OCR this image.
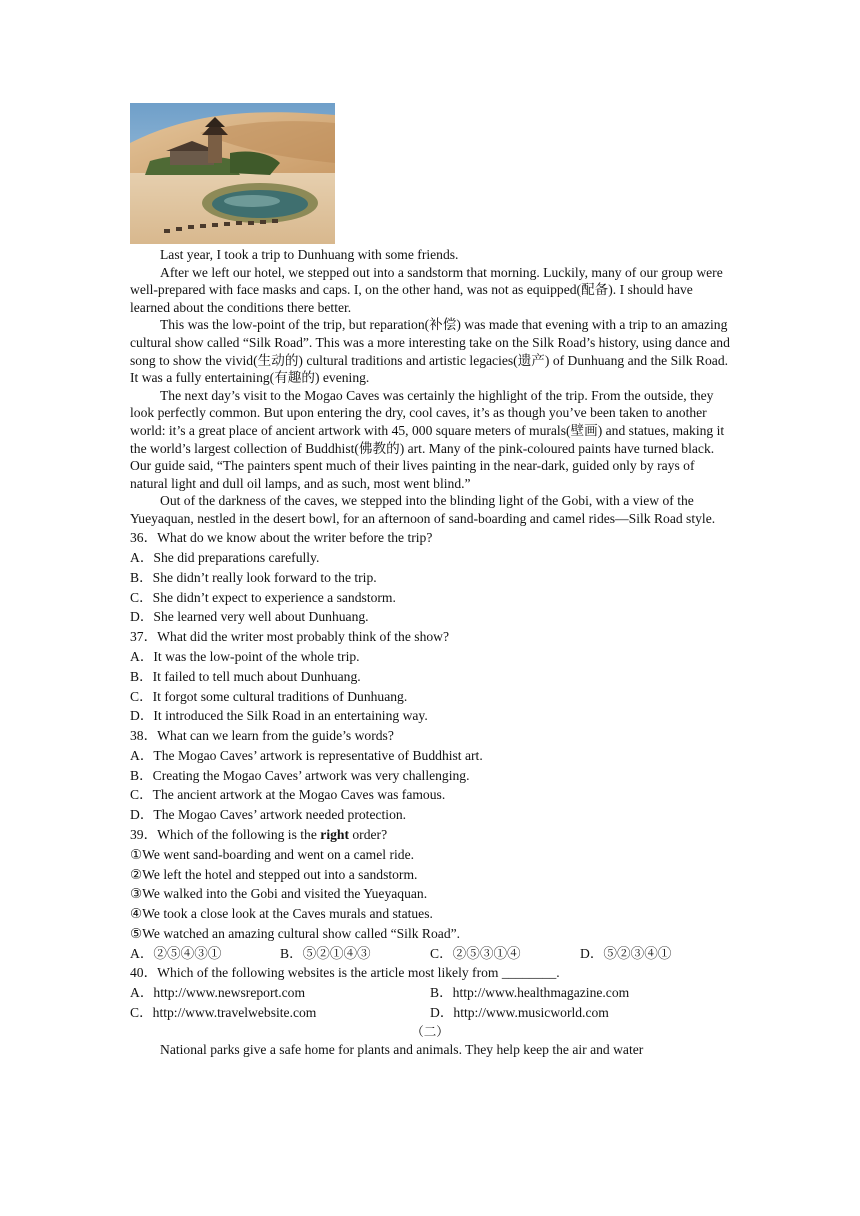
Last year, I took a trip to Dunhuang with some friends.

After we left our hotel, we stepped out into a sandstorm that morning. Luckily, many of our group were well-prepared with face masks and caps. I, on the other hand, was not as equipped(配备). I should have learned about the conditions there better.

This was the low-point of the trip, but reparation(补偿) was made that evening with a trip to an amazing cultural show called “Silk Road”. This was a more interesting take on the Silk Road’s history, using dance and song to show the vivid(生动的) cultural traditions and artistic legacies(遗产) of Dunhuang and the Silk Road. It was a fully entertaining(有趣的) evening.

The next day’s visit to the Mogao Caves was certainly the highlight of the trip. From the outside, they look perfectly common. But upon entering the dry, cool caves, it’s as though you’ve been taken to another world: it’s a great place of ancient artwork with 45, 000 square meters of murals(壁画) and statues, making it the world’s largest collection of Buddhist(佛教的) art. Many of the pink-coloured paints have turned black. Our guide said, “The painters spent much of their lives painting in the near-dark, guided only by rays of natural light and dull oil lamps, and as such, most went blind.”

Out of the darkness of the caves, we stepped into the blinding light of the Gobi, with a view of the Yueyaquan, nestled in the desert bowl, for an afternoon of sand-boarding and camel rides—Silk Road style.

36．What do we know about the writer before the trip?

A．She did preparations carefully.

B．She didn’t really look forward to the trip.

C．She didn’t expect to experience a sandstorm.

D．She learned very well about Dunhuang.

37．What did the writer most probably think of the show?

A．It was the low-point of the whole trip.

B．It failed to tell much about Dunhuang.

C．It forgot some cultural traditions of Dunhuang.

D．It introduced the Silk Road in an entertaining way.

38．What can we learn from the guide’s words?

A．The Mogao Caves’ artwork is representative of Buddhist art.

B．Creating the Mogao Caves’ artwork was very challenging.

C．The ancient artwork at the Mogao Caves was famous.

D．The Mogao Caves’ artwork needed protection.

39．Which of the following is the right order?

①We went sand-boarding and went on a camel ride.

②We left the hotel and stepped out into a sandstorm.

③We walked into the Gobi and visited the Yueyaquan.

④We took a close look at the Caves murals and statues.

⑤We watched an amazing cultural show called “Silk Road”.

A．②⑤④③①	B．⑤②①④③	C．②⑤③①④	D．⑤②③④①

40．Which of the following websites is the article most likely from ________.

A．http://www.newsreport.com	B．http://www.healthmagazine.com
C．http://www.travelwebsite.com	D．http://www.musicworld.com

（二）

National parks give a safe home for plants and animals. They help keep the air and water
